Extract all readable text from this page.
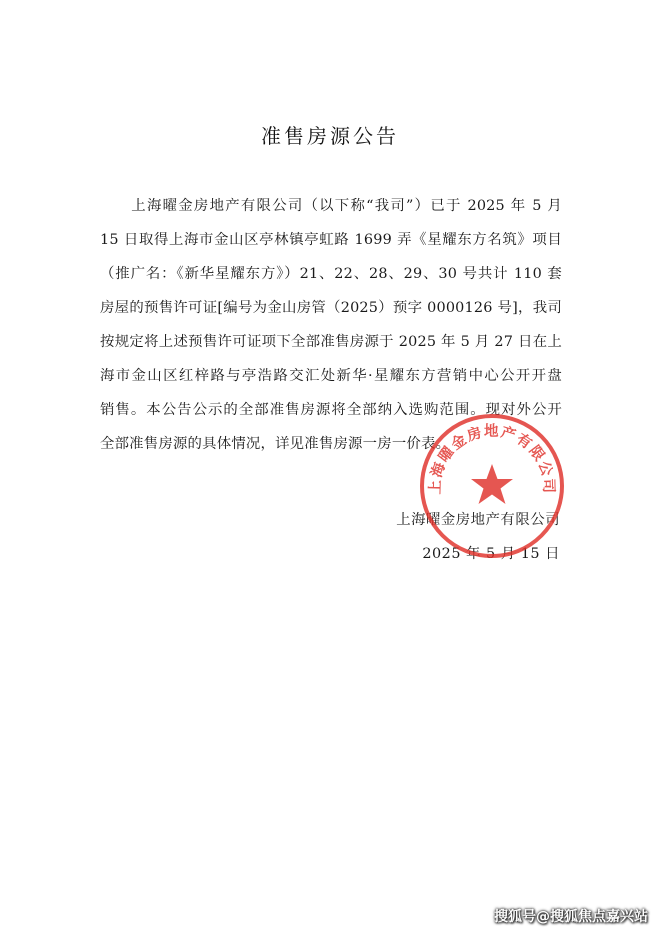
准售房源公告
　　上海曜金房地产有限公司（以下称“我司”）已于 2025 年 5 月
15 日取得上海市金山区亭林镇亭虹路 1699 弄《星耀东方名筑》项目
（推广名：《新华星耀东方》）21、22、28、29、30 号共计 110 套
房屋的预售许可证[编号为金山房管（2025）预字 0000126 号]，我司
按规定将上述预售许可证项下全部准售房源于 2025 年 5 月 27 日在上
海市金山区红梓路与亭浩路交汇处新华·星耀东方营销中心公开开盘
销售。本公告公示的全部准售房源将全部纳入选购范围。现对外公开
全部准售房源的具体情况，详见准售房源一房一价表。
上海曜金房地产有限公司
2025 年 5 月 15 日
上海曜金房地产有限公司
搜狐号@搜狐焦点嘉兴站
